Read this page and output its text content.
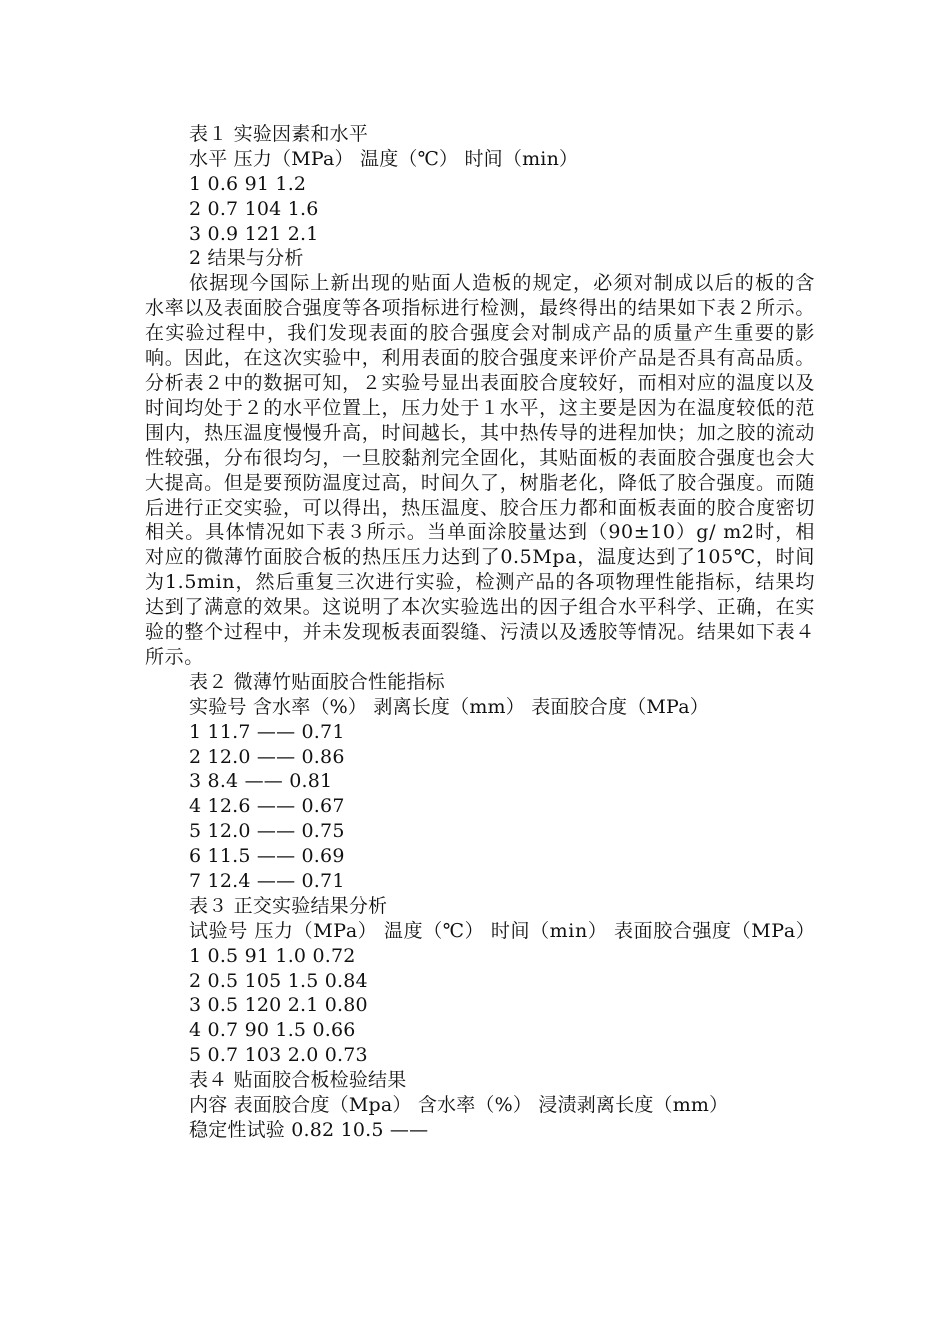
表１ 实验因素和水平
水平 压力（MPa） 温度（℃） 时间（min）
1 0.6 91 1.2
2 0.7 104 1.6
3 0.9 121 2.1
2 结果与分析

依据现今国际上新出现的贴面人造板的规定，必须对制成以后的板的含水率以及表面胶合强度等各项指标进行检测，最终得出的结果如下表２所示。在实验过程中，我们发现表面的胶合强度会对制成产品的质量产生重要的影响。因此，在这次实验中，利用表面的胶合强度来评价产品是否具有高品质。分析表２中的数据可知，２实验号显出表面胶合度较好，而相对应的温度以及时间均处于２的水平位置上，压力处于１水平，这主要是因为在温度较低的范围内，热压温度慢慢升高，时间越长，其中热传导的进程加快；加之胶的流动性较强，分布很均匀，一旦胶黏剂完全固化，其贴面板的表面胶合强度也会大大提高。但是要预防温度过高，时间久了，树脂老化，降低了胶合强度。而随后进行正交实验，可以得出，热压温度、胶合压力都和面板表面的胶合度密切相关。具体情况如下表３所示。当单面涂胶量达到（90±10）g/ m2时，相对应的微薄竹面胶合板的热压压力达到了0.5Mpa，温度达到了105℃，时间为1.5min，然后重复三次进行实验，检测产品的各项物理性能指标，结果均达到了满意的效果。这说明了本次实验选出的因子组合水平科学、正确，在实验的整个过程中，并未发现板表面裂缝、污渍以及透胶等情况。结果如下表４所示。

表２ 微薄竹贴面胶合性能指标
实验号 含水率（%） 剥离长度（mm） 表面胶合度（MPa）
1 11.7 —— 0.71
2 12.0 —— 0.86
3 8.4 —— 0.81
4 12.6 —— 0.67
5 12.0 —— 0.75
6 11.5 —— 0.69
7 12.4 —— 0.71
表３ 正交实验结果分析

试验号 压力（MPa） 温度（℃） 时间（min） 表面胶合强度（MPa）

1 0.5 91 1.0 0.72
2 0.5 105 1.5 0.84
3 0.5 120 2.1 0.80
4 0.7 90 1.5 0.66
5 0.7 103 2.0 0.73
表４ 贴面胶合板检验结果
内容 表面胶合度（Mpa） 含水率（%） 浸渍剥离长度（mm）
稳定性试验 0.82 10.5 ——
